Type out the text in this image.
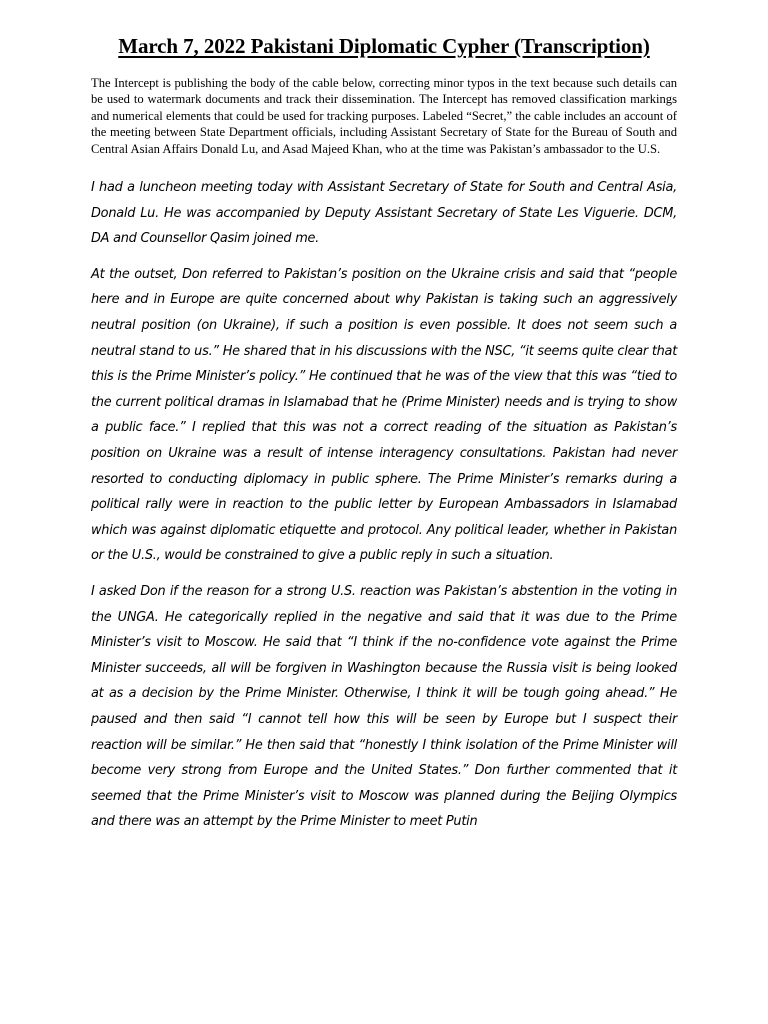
March 7, 2022 Pakistani Diplomatic Cypher (Transcription)

The Intercept is publishing the body of the cable below, correcting minor typos in the text because such details can be used to watermark documents and track their dissemination. The Intercept has removed classification markings and numerical elements that could be used for tracking purposes. Labeled “Secret,” the cable includes an account of the meeting between State Department officials, including Assistant Secretary of State for the Bureau of South and Central Asian Affairs Donald Lu, and Asad Majeed Khan, who at the time was Pakistan’s ambassador to the U.S.

I had a luncheon meeting today with Assistant Secretary of State for South and Central Asia, Donald Lu. He was accompanied by Deputy Assistant Secretary of State Les Viguerie. DCM, DA and Counsellor Qasim joined me.

At the outset, Don referred to Pakistan’s position on the Ukraine crisis and said that “people here and in Europe are quite concerned about why Pakistan is taking such an aggressively neutral position (on Ukraine), if such a position is even possible. It does not seem such a neutral stand to us.” He shared that in his discussions with the NSC, “it seems quite clear that this is the Prime Minister’s policy.” He continued that he was of the view that this was “tied to the current political dramas in Islamabad that he (Prime Minister) needs and is trying to show a public face.” I replied that this was not a correct reading of the situation as Pakistan’s position on Ukraine was a result of intense interagency consultations. Pakistan had never resorted to conducting diplomacy in public sphere. The Prime Minister’s remarks during a political rally were in reaction to the public letter by European Ambassadors in Islamabad which was against diplomatic etiquette and protocol. Any political leader, whether in Pakistan or the U.S., would be constrained to give a public reply in such a situation.

I asked Don if the reason for a strong U.S. reaction was Pakistan’s abstention in the voting in the UNGA. He categorically replied in the negative and said that it was due to the Prime Minister’s visit to Moscow. He said that “I think if the no-confidence vote against the Prime Minister succeeds, all will be forgiven in Washington because the Russia visit is being looked at as a decision by the Prime Minister. Otherwise, I think it will be tough going ahead.” He paused and then said “I cannot tell how this will be seen by Europe but I suspect their reaction will be similar.” He then said that “honestly I think isolation of the Prime Minister will become very strong from Europe and the United States.” Don further commented that it seemed that the Prime Minister’s visit to Moscow was planned during the Beijing Olympics and there was an attempt by the Prime Minister to meet Putin
